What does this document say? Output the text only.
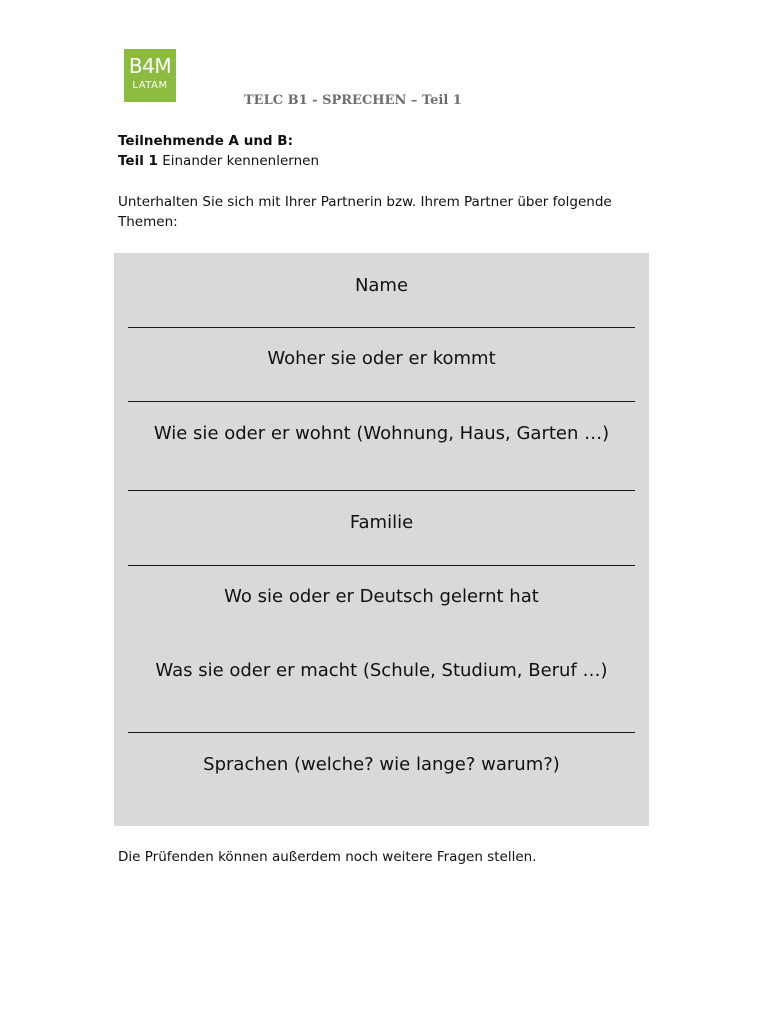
B4M
LATAM
TELC B1 - SPRECHEN – Teil 1

Teilnehmende A und B:

Teil 1 Einander kennenlernen

Unterhalten Sie sich mit Ihrer Partnerin bzw. Ihrem Partner über folgende Themen:

Name
Woher sie oder er kommt
Wie sie oder er wohnt (Wohnung, Haus, Garten …)
Familie
Wo sie oder er Deutsch gelernt hat
Was sie oder er macht (Schule, Studium, Beruf …)
Sprachen (welche? wie lange? warum?)

Die Prüfenden können außerdem noch weitere Fragen stellen.
